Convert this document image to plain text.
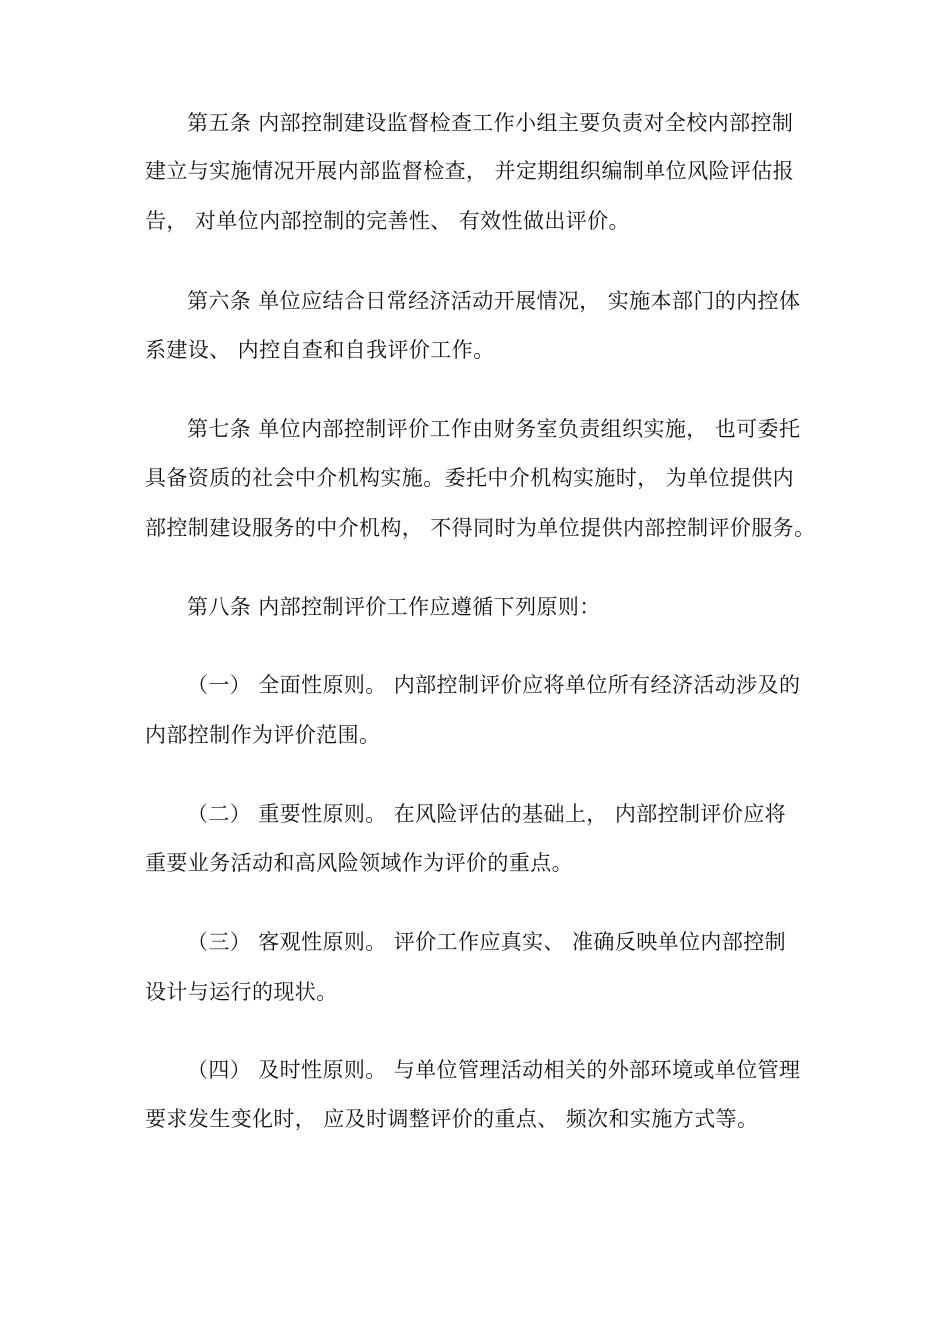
第五条 内部控制建设监督检查工作小组主要负责对全校内部控制

建立与实施情况开展内部监督检查， 并定期组织编制单位风险评估报

告， 对单位内部控制的完善性、 有效性做出评价。

第六条 单位应结合日常经济活动开展情况， 实施本部门的内控体

系建设、 内控自查和自我评价工作。

第七条 单位内部控制评价工作由财务室负责组织实施， 也可委托

具备资质的社会中介机构实施。委托中介机构实施时， 为单位提供内

部控制建设服务的中介机构， 不得同时为单位提供内部控制评价服务。

第八条 内部控制评价工作应遵循下列原则：

（一） 全面性原则。 内部控制评价应将单位所有经济活动涉及的

内部控制作为评价范围。

（二） 重要性原则。 在风险评估的基础上， 内部控制评价应将

重要业务活动和高风险领域作为评价的重点。

（三） 客观性原则。 评价工作应真实、 准确反映单位内部控制

设计与运行的现状。

（四） 及时性原则。 与单位管理活动相关的外部环境或单位管理

要求发生变化时， 应及时调整评价的重点、 频次和实施方式等。
